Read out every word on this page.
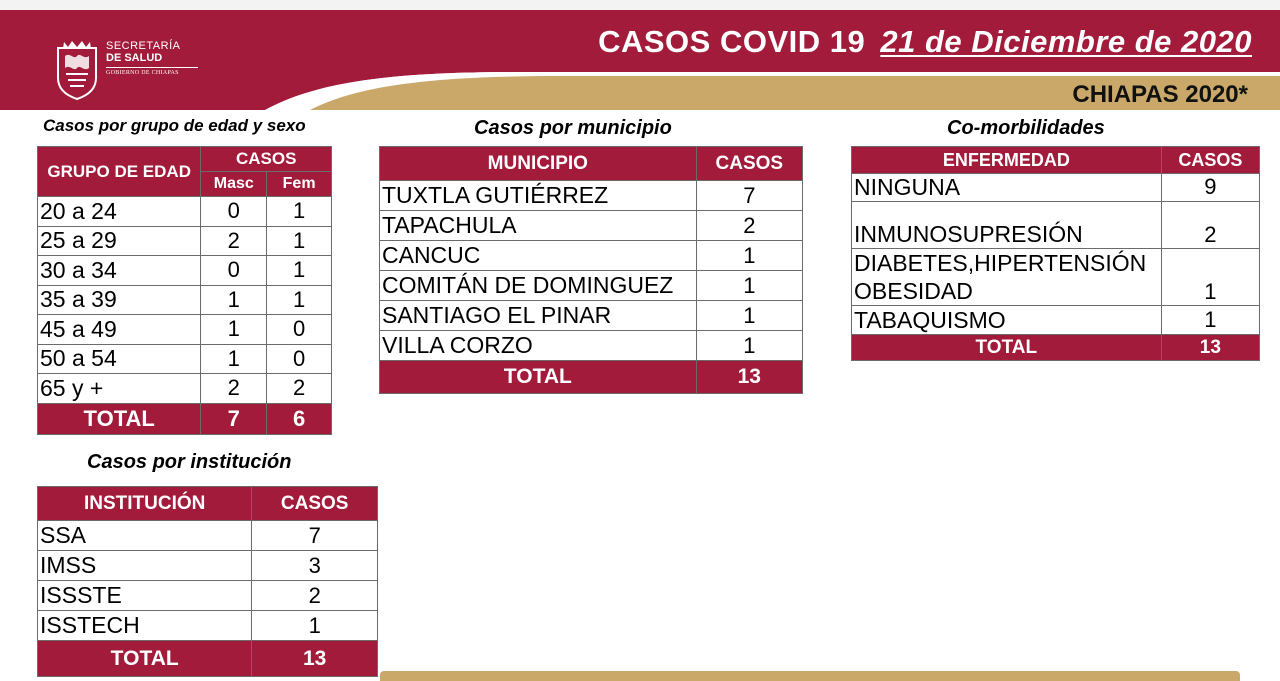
SECRETARÍA
DE SALUD
GOBIERNO DE CHIAPAS
CASOS COVID 19 21 de Diciembre de 2020
CHIAPAS 2020*
Casos por grupo de edad y sexo
GRUPO DE EDAD	CASOS	
	Masc	Fem
20 a 24	0	1
25 a 29	2	1
30 a 34	0	1
35 a 39	1	1
45 a 49	1	0
50 a 54	1	0
65 y +	2	2
TOTAL	7	6
Casos por municipio
MUNICIPIO	CASOS
TUXTLA GUTIÉRREZ	7
TAPACHULA	2
CANCUC	1
COMITÁN DE DOMINGUEZ	1
SANTIAGO EL PINAR	1
VILLA CORZO	1
TOTAL	13
Co-morbilidades
ENFERMEDAD	CASOS
NINGUNA	9
INMUNOSUPRESIÓN	2

DIABETES,HIPERTENSIÓN
OBESIDAD	1
TABAQUISMO	1
TOTAL	13
Casos por institución
INSTITUCIÓN	CASOS
SSA	7
IMSS	3
ISSSTE	2
ISSTECH	1
TOTAL	13
